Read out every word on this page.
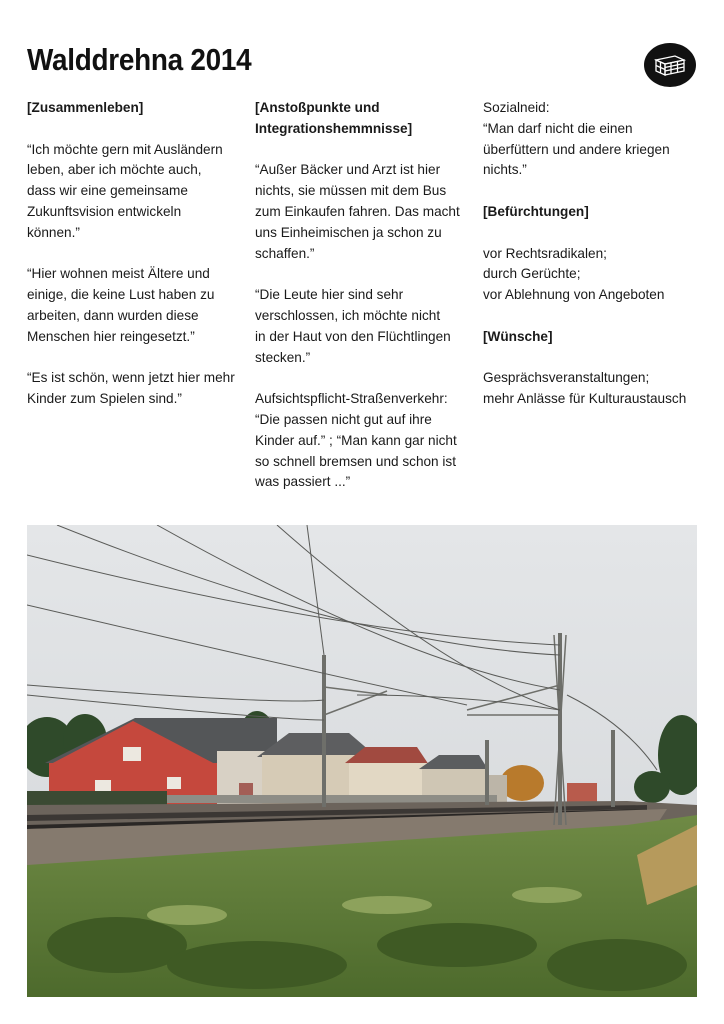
Walddrehna 2014

[Zusammenleben]

“Ich möchte gern mit Ausländern
leben, aber ich möchte auch,
dass wir eine gemeinsame
Zukunftsvision entwickeln
können.”

“Hier wohnen meist Ältere und
einige, die keine Lust haben zu
arbeiten, dann wurden diese
Menschen hier reingesetzt.”

“Es ist schön, wenn jetzt hier mehr
Kinder zum Spielen sind.”

[Anstoßpunkte und
Integrationshemmnisse]

“Außer Bäcker und Arzt ist hier
nichts, sie müssen mit dem Bus
zum Einkaufen fahren. Das macht
uns Einheimischen ja schon zu
schaffen.”

“Die Leute hier sind sehr
verschlossen, ich möchte nicht
in der Haut von den Flüchtlingen
stecken.”

Aufsichtspflicht-Straßenverkehr:
“Die passen nicht gut auf ihre
Kinder auf.” ; “Man kann gar nicht
so schnell bremsen und schon ist
was passiert ...”

Sozialneid:
“Man darf nicht die einen
überfüttern und andere kriegen
nichts.”

[Befürchtungen]

vor Rechtsradikalen;
durch Gerüchte;
vor Ablehnung von Angeboten

[Wünsche]

Gesprächsveranstaltungen;
mehr Anlässe für Kulturaustausch
